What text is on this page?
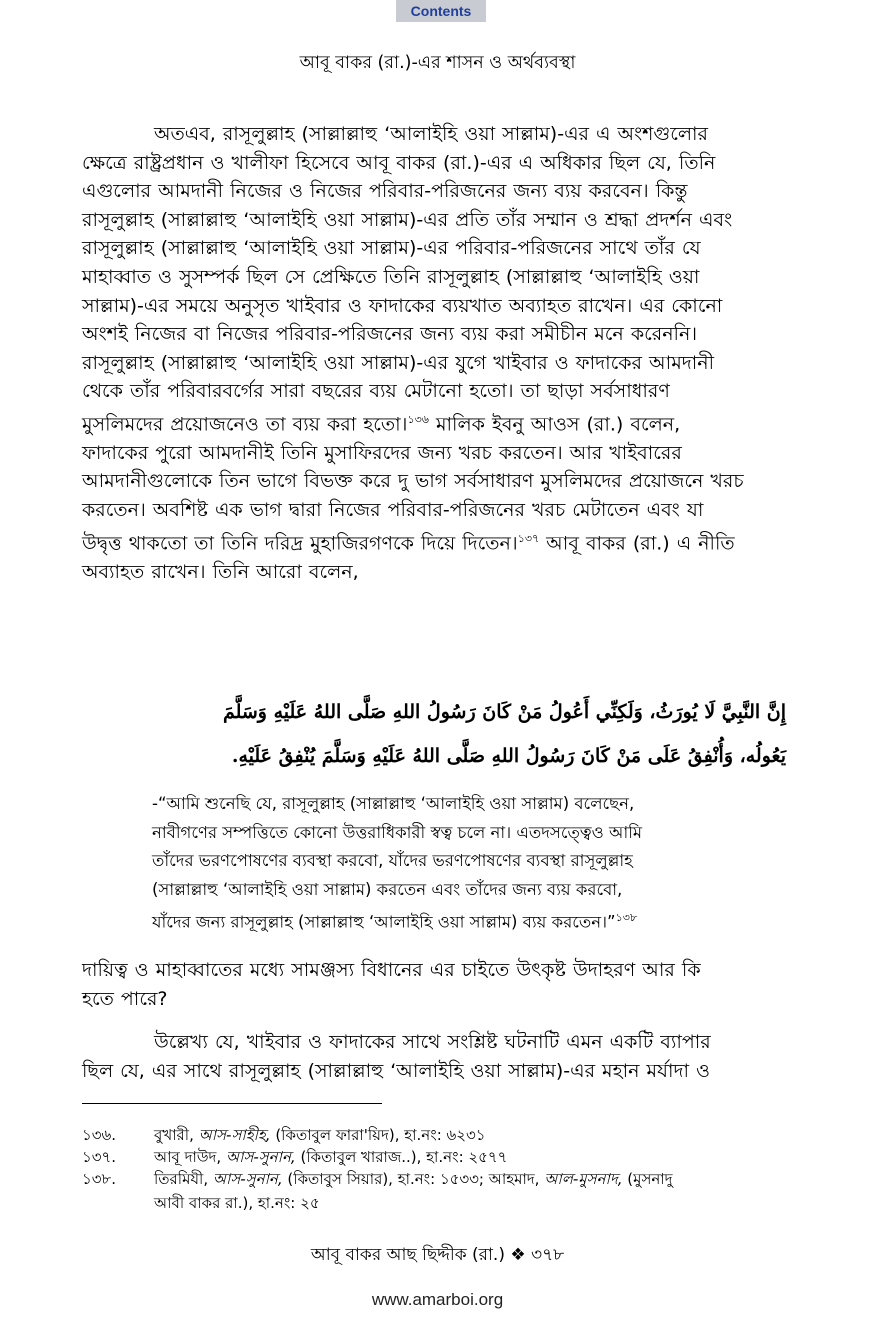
Contents
আবূ বাকর (রা.)-এর শাসন ও অর্থব্যবস্থা
অতএব, রাসূলুল্লাহ (সাল্লাল্লাহু ‘আলাইহি ওয়া সাল্লাম)-এর এ অংশগুলোর
ক্ষেত্রে রাষ্ট্রপ্রধান ও খালীফা হিসেবে আবূ বাকর (রা.)-এর এ অধিকার ছিল যে, তিনি
এগুলোর আমদানী নিজের ও নিজের পরিবার-পরিজনের জন্য ব্যয় করবেন। কিন্তু
রাসূলুল্লাহ (সাল্লাল্লাহু ‘আলাইহি ওয়া সাল্লাম)-এর প্রতি তাঁর সম্মান ও শ্রদ্ধা প্রদর্শন এবং
রাসূলুল্লাহ (সাল্লাল্লাহু ‘আলাইহি ওয়া সাল্লাম)-এর পরিবার-পরিজনের সাথে তাঁর যে
মাহাব্বাত ও সুসম্পর্ক ছিল সে প্রেক্ষিতে তিনি রাসূলুল্লাহ (সাল্লাল্লাহু ‘আলাইহি ওয়া
সাল্লাম)-এর সময়ে অনুসৃত খাইবার ও ফাদাকের ব্যয়খাত অব্যাহত রাখেন। এর কোনো
অংশই নিজের বা নিজের পরিবার-পরিজনের জন্য ব্যয় করা সমীচীন মনে করেননি।
রাসূলুল্লাহ (সাল্লাল্লাহু ‘আলাইহি ওয়া সাল্লাম)-এর যুগে খাইবার ও ফাদাকের আমদানী
থেকে তাঁর পরিবারবর্গের সারা বছরের ব্যয় মেটানো হতো। তা ছাড়া সর্বসাধারণ
মুসলিমদের প্রয়োজনেও তা ব্যয় করা হতো।$^{১৩৬}$ মালিক ইবনু আওস (রা.) বলেন,
ফাদাকের পুরো আমদানীই তিনি মুসাফিরদের জন্য খরচ করতেন। আর খাইবারের
আমদানীগুলোকে তিন ভাগে বিভক্ত করে দু ভাগ সর্বসাধারণ মুসলিমদের প্রয়োজনে খরচ
করতেন। অবশিষ্ট এক ভাগ দ্বারা নিজের পরিবার-পরিজনের খরচ মেটাতেন এবং যা
উদ্বৃত্ত থাকতো তা তিনি দরিদ্র মুহাজিরগণকে দিয়ে দিতেন।$^{১৩৭}$ আবূ বাকর (রা.) এ নীতি
অব্যাহত রাখেন। তিনি আরো বলেন,
إِنَّ النَّبِيَّ لَا يُورَثُ، وَلَكِنِّي أَعُولُ مَنْ كَانَ رَسُولُ اللهِ صَلَّى اللهُ عَلَيْهِ وَسَلَّمَ
يَعُولُه، وَأُنْفِقُ عَلَى مَنْ كَانَ رَسُولُ اللهِ صَلَّى اللهُ عَلَيْهِ وَسَلَّمَ يُنْفِقُ عَلَيْهِ.
-“আমি শুনেছি যে, রাসূলুল্লাহ (সাল্লাল্লাহু ‘আলাইহি ওয়া সাল্লাম) বলেছেন,
নাবীগণের সম্পত্তিতে কোনো উত্তরাধিকারী স্বত্ব চলে না। এতদসত্ত্বেও আমি
তাঁদের ভরণপোষণের ব্যবস্থা করবো, যাঁদের ভরণপোষণের ব্যবস্থা রাসূলুল্লাহ
(সাল্লাল্লাহু ‘আলাইহি ওয়া সাল্লাম) করতেন এবং তাঁদের জন্য ব্যয় করবো,
যাঁদের জন্য রাসূলুল্লাহ (সাল্লাল্লাহু ‘আলাইহি ওয়া সাল্লাম) ব্যয় করতেন।”$^{১৩৮}$
দায়িত্ব ও মাহাব্বাতের মধ্যে সামঞ্জস্য বিধানের এর চাইতে উৎকৃষ্ট উদাহরণ আর কি
হতে পারে?
উল্লেখ্য যে, খাইবার ও ফাদাকের সাথে সংশ্লিষ্ট ঘটনাটি এমন একটি ব্যাপার
ছিল যে, এর সাথে রাসূলুল্লাহ (সাল্লাল্লাহু ‘আলাইহি ওয়া সাল্লাম)-এর মহান মর্যাদা ও
১৩৬.	বুখারী, আস-সাহীহ, (কিতাবুল ফারা'য়িদ), হা.নং: ৬২৩১
১৩৭.	আবূ দাউদ, আস-সুনান, (কিতাবুল খারাজ..), হা.নং: ২৫৭৭
১৩৮.	তিরমিযী, আস-সুনান, (কিতাবুস সিয়ার), হা.নং: ১৫৩৩; আহমাদ, আল-মুসনাদ, (মুসনাদু
আবী বাকর রা.), হা.নং: ২৫
আবূ বাকর আছ ছিদ্দীক (রা.) ❖ ৩৭৮
www.amarboi.org
